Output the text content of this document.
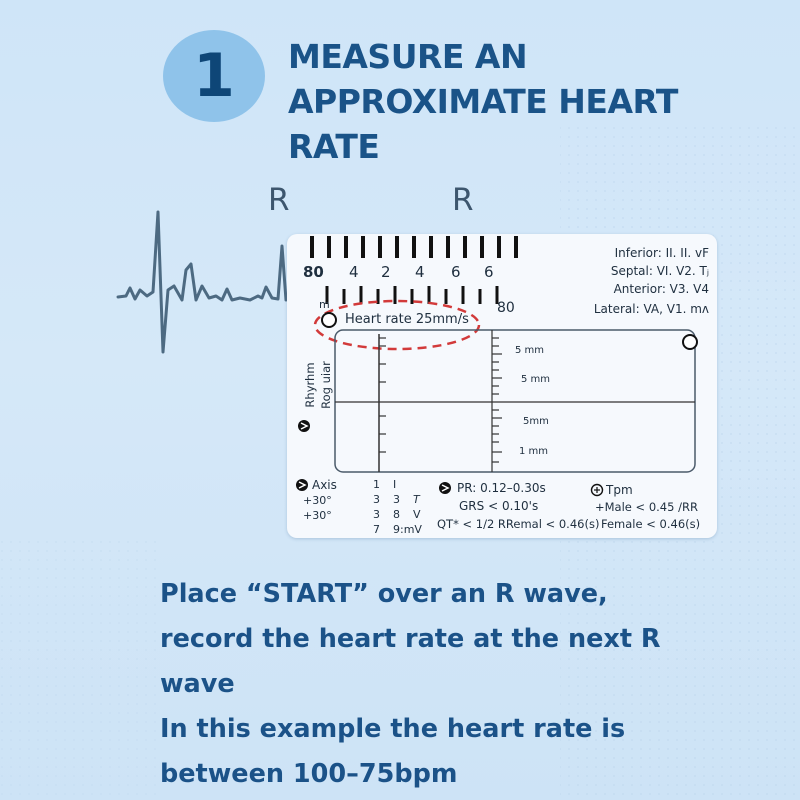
1 MEASURE AN
APPROXIMATE HEART
RATE
R	R
80 4 2 4 6 6
80
m
Heart rate 25mm/s
Inferior: II. II. vF
Septal: VI. V2. Tⱼ
Anterior: V3. V4
Lateral: VA, V1. mʌ
Rhyrhm Rog uiar
5 mm
5 mm
5mm
1 mm
Axis
+30°
+30°
1 I
3 3 T
3 8 V
7 9:mV
PR: 0.12–0.30s
GRS < 0.10's
QT* < 1/2 RRemal < 0.46(s)
Tpm
+Male < 0.45 /RR
Female < 0.46(s)
Place “START” over an R wave,
record the heart rate at the next R
wave
In this example the heart rate is
between 100–75bpm
